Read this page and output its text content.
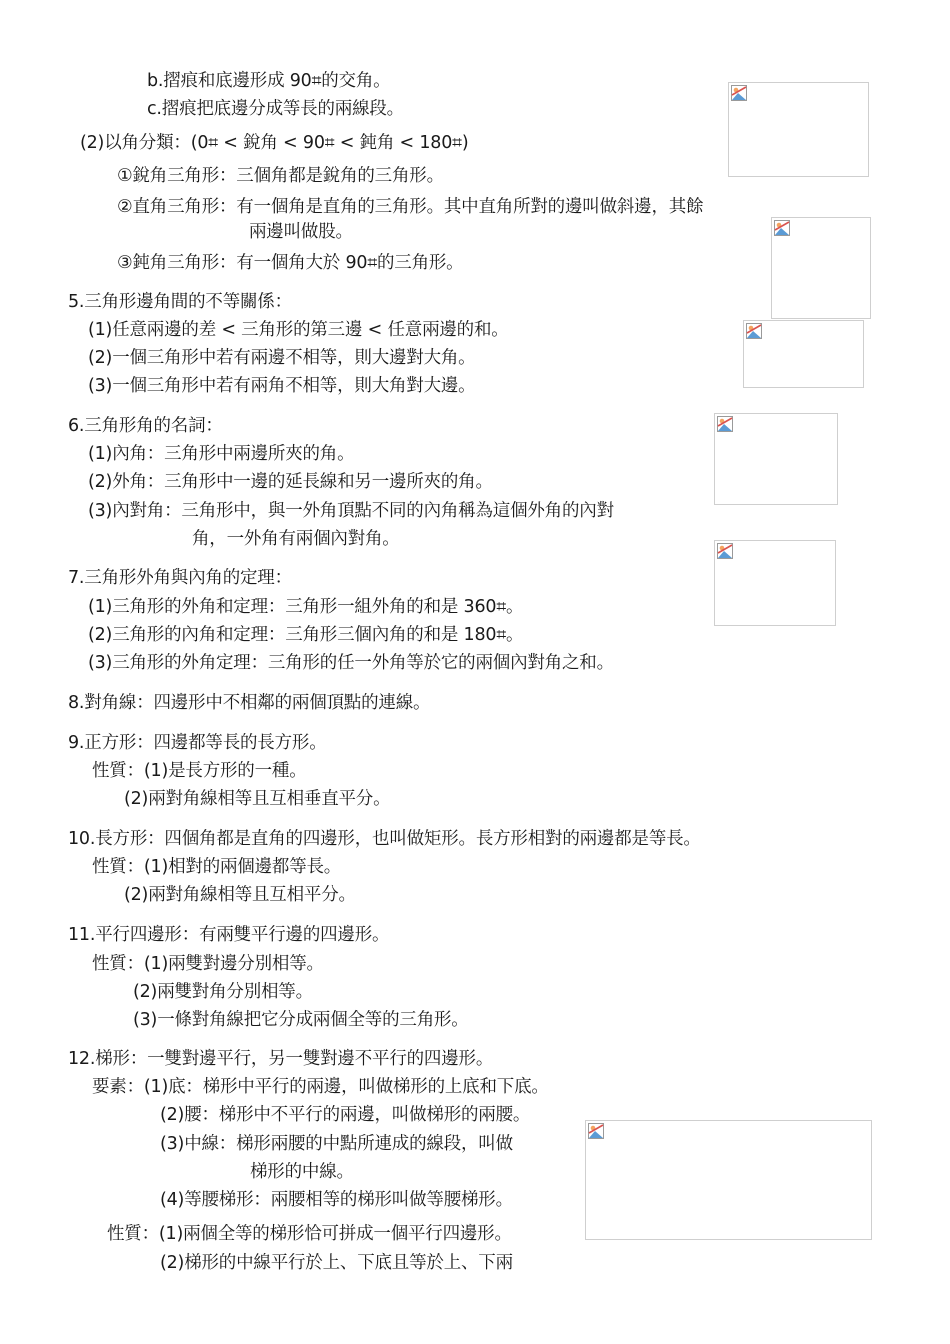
b.摺痕和底邊形成 90⌗的交角。
c.摺痕把底邊分成等長的兩線段。
(2)以角分類：(0⌗ < 銳角 < 90⌗ < 鈍角 < 180⌗)
①銳角三角形：三個角都是銳角的三角形。
②直角三角形：有一個角是直角的三角形。其中直角所對的邊叫做斜邊，其餘
兩邊叫做股。
③鈍角三角形：有一個角大於 90⌗的三角形。
5.三角形邊角間的不等關係：
(1)任意兩邊的差 < 三角形的第三邊 < 任意兩邊的和。
(2)一個三角形中若有兩邊不相等，則大邊對大角。
(3)一個三角形中若有兩角不相等，則大角對大邊。
6.三角形角的名詞：
(1)內角：三角形中兩邊所夾的角。
(2)外角：三角形中一邊的延長線和另一邊所夾的角。
(3)內對角：三角形中，與一外角頂點不同的內角稱為這個外角的內對
角，一外角有兩個內對角。
7.三角形外角與內角的定理：
(1)三角形的外角和定理：三角形一組外角的和是 360⌗。
(2)三角形的內角和定理：三角形三個內角的和是 180⌗。
(3)三角形的外角定理：三角形的任一外角等於它的兩個內對角之和。
8.對角線：四邊形中不相鄰的兩個頂點的連線。
9.正方形：四邊都等長的長方形。
性質：(1)是長方形的一種。
(2)兩對角線相等且互相垂直平分。
10.長方形：四個角都是直角的四邊形，也叫做矩形。長方形相對的兩邊都是等長。
性質：(1)相對的兩個邊都等長。
(2)兩對角線相等且互相平分。
11.平行四邊形：有兩雙平行邊的四邊形。
性質：(1)兩雙對邊分別相等。
(2)兩雙對角分別相等。
(3)一條對角線把它分成兩個全等的三角形。
12.梯形：一雙對邊平行，另一雙對邊不平行的四邊形。
要素：(1)底：梯形中平行的兩邊，叫做梯形的上底和下底。
(2)腰：梯形中不平行的兩邊，叫做梯形的兩腰。
(3)中線：梯形兩腰的中點所連成的線段，叫做
梯形的中線。
(4)等腰梯形：兩腰相等的梯形叫做等腰梯形。
性質：(1)兩個全等的梯形恰可拼成一個平行四邊形。
(2)梯形的中線平行於上、下底且等於上、下兩
